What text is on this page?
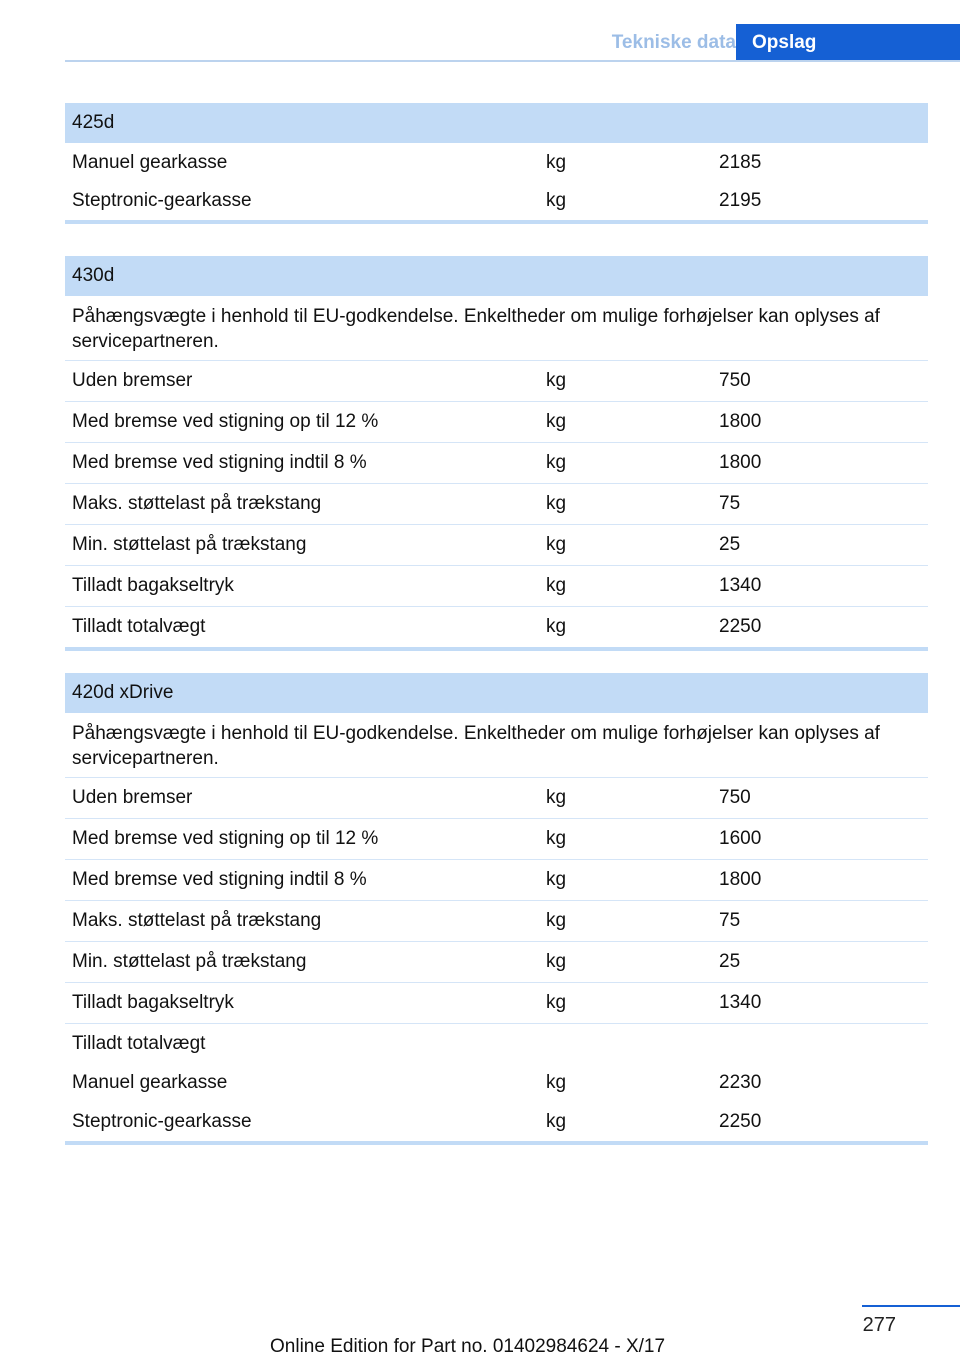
Tekniske data Opslag
425d
Manuel gearkasse	kg	2185
Steptronic-gearkasse	kg	2195
430d
Påhængsvægte i henhold til EU-godkendelse. Enkeltheder om mulige forhøjelser kan oplyses af servicepartneren.
Uden bremser	kg	750
Med bremse ved stigning op til 12 %	kg	1800
Med bremse ved stigning indtil 8 %	kg	1800
Maks. støttelast på trækstang	kg	75
Min. støttelast på trækstang	kg	25
Tilladt bagakseltryk	kg	1340
Tilladt totalvægt	kg	2250
420d xDrive
Påhængsvægte i henhold til EU-godkendelse. Enkeltheder om mulige forhøjelser kan oplyses af servicepartneren.
Uden bremser	kg	750
Med bremse ved stigning op til 12 %	kg	1600
Med bremse ved stigning indtil 8 %	kg	1800
Maks. støttelast på trækstang	kg	75
Min. støttelast på trækstang	kg	25
Tilladt bagakseltryk	kg	1340
Tilladt totalvægt
Manuel gearkasse	kg	2230
Steptronic-gearkasse	kg	2250
277
Online Edition for Part no. 01402984624 - X/17
